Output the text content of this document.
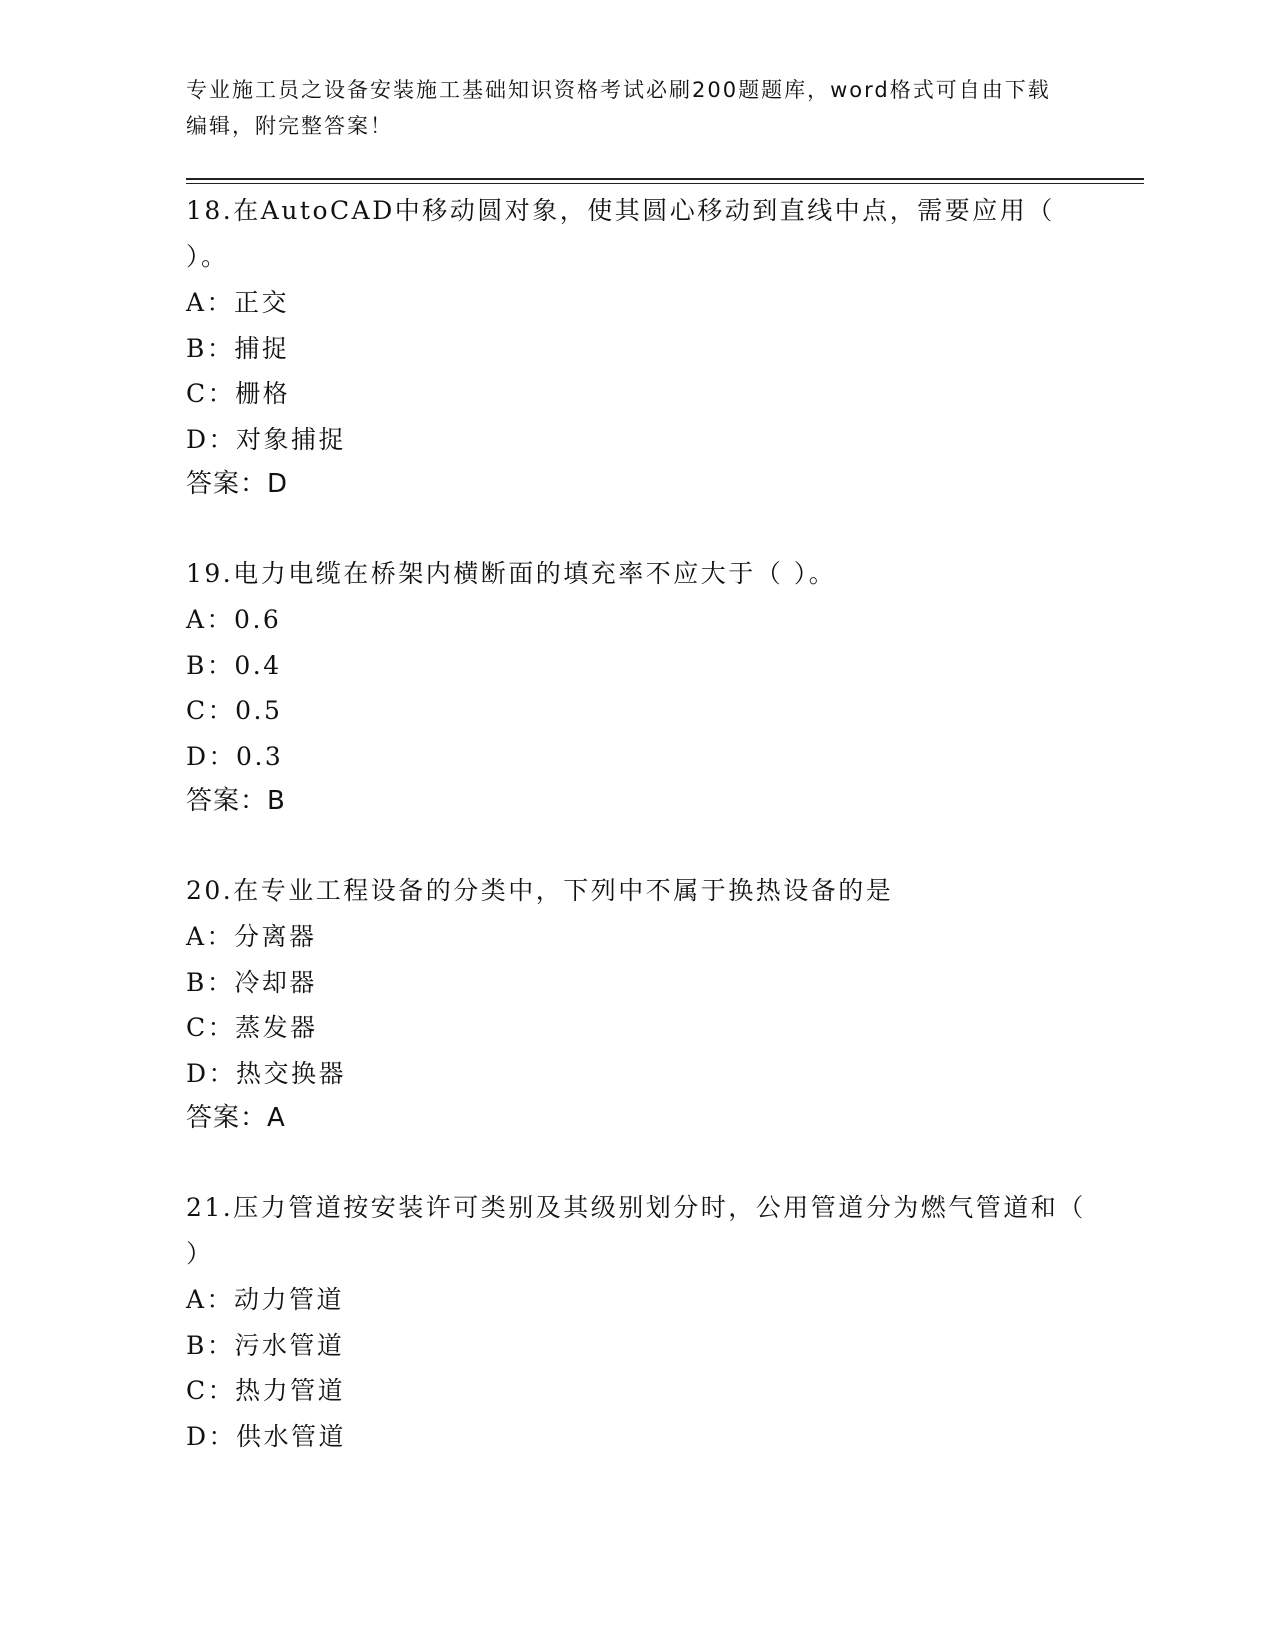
专业施工员之设备安装施工基础知识资格考试必刷200题题库，word格式可自由下载编辑，附完整答案！
18.在AutoCAD中移动圆对象，使其圆心移动到直线中点，需要应用（ ）。
A：正交
B：捕捉
C：栅格
D：对象捕捉
答案：D
19.电力电缆在桥架内横断面的填充率不应大于（ ）。
A：0.6
B：0.4
C：0.5
D：0.3
答案：B
20.在专业工程设备的分类中，下列中不属于换热设备的是
A：分离器
B：冷却器
C：蒸发器
D：热交换器
答案：A
21.压力管道按安装许可类别及其级别划分时，公用管道分为燃气管道和（ ）
A：动力管道
B：污水管道
C：热力管道
D：供水管道
